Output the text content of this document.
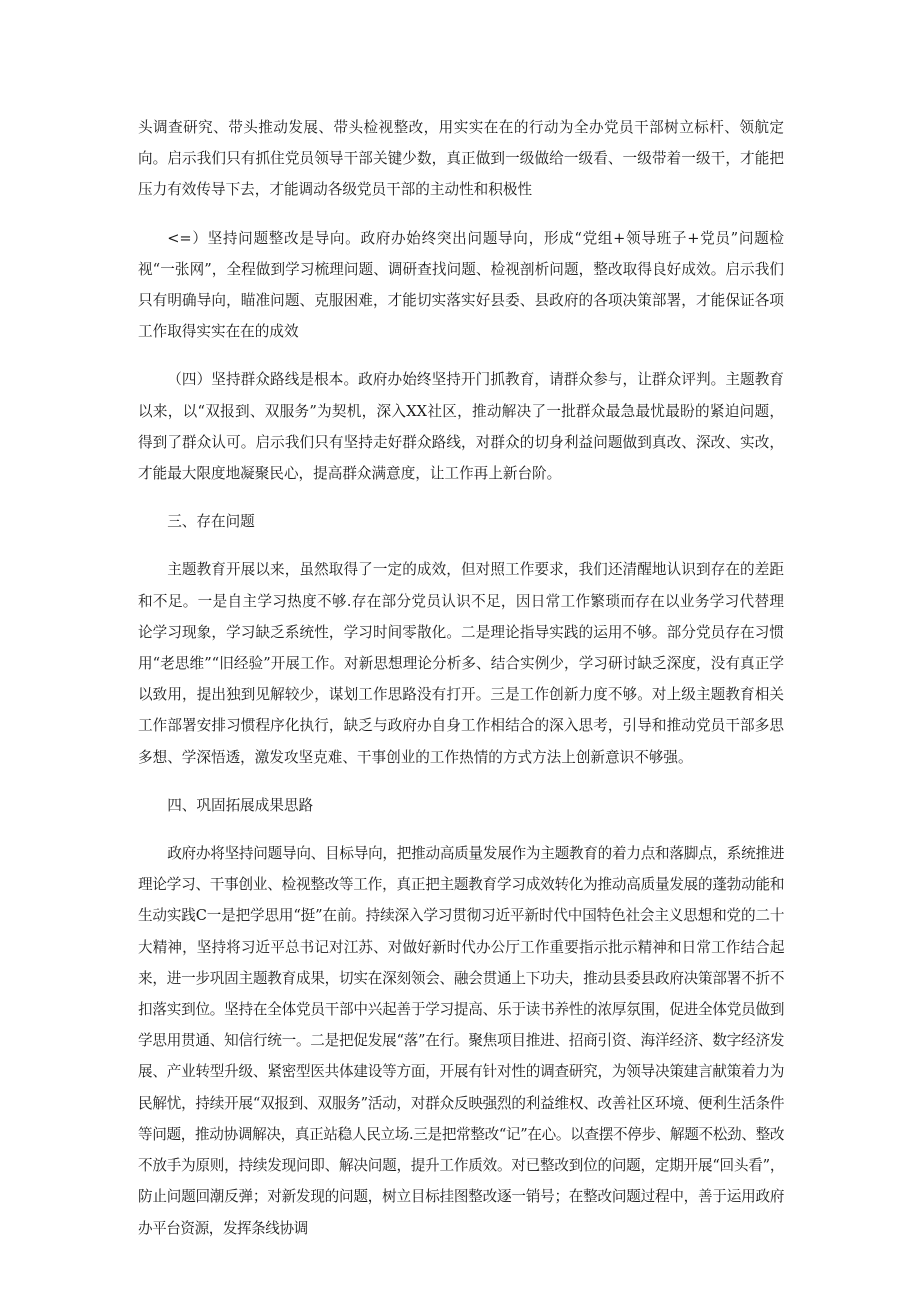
头调查研究、带头推动发展、带头检视整改，用实实在在的行动为全办党员干部树立标杆、领航定向。启示我们只有抓住党员领导干部关键少数，真正做到一级做给一级看、一级带着一级干，才能把压力有效传导下去，才能调动各级党员干部的主动性和积极性

<=）坚持问题整改是导向。政府办始终突出问题导向，形成“党组+领导班子+党员”问题检视“一张网”，全程做到学习梳理问题、调研查找问题、检视剖析问题，整改取得良好成效。启示我们只有明确导向，瞄准问题、克服困难，才能切实落实好县委、县政府的各项决策部署，才能保证各项工作取得实实在在的成效

（四）坚持群众路线是根本。政府办始终坚持开门抓教育，请群众参与，让群众评判。主题教育以来，以“双报到、双服务”为契机，深入XX社区，推动解决了一批群众最急最忧最盼的紧迫问题，得到了群众认可。启示我们只有坚持走好群众路线，对群众的切身利益问题做到真改、深改、实改，才能最大限度地凝聚民心，提高群众满意度，让工作再上新台阶。

三、存在问题

主题教育开展以来，虽然取得了一定的成效，但对照工作要求，我们还清醒地认识到存在的差距和不足。一是自主学习热度不够.存在部分党员认识不足，因日常工作繁琐而存在以业务学习代替理论学习现象，学习缺乏系统性，学习时间零散化。二是理论指导实践的运用不够。部分党员存在习惯用“老思维”“旧经验”开展工作。对新思想理论分析多、结合实例少，学习研讨缺乏深度，没有真正学以致用，提出独到见解较少，谋划工作思路没有打开。三是工作创新力度不够。对上级主题教育相关工作部署安排习惯程序化执行，缺乏与政府办自身工作相结合的深入思考，引导和推动党员干部多思多想、学深悟透，激发攻坚克难、干事创业的工作热情的方式方法上创新意识不够强。

四、巩固拓展成果思路

政府办将坚持问题导向、目标导向，把推动高质量发展作为主题教育的着力点和落脚点，系统推进理论学习、干事创业、检视整改等工作，真正把主题教育学习成效转化为推动高质量发展的蓬勃动能和生动实践C一是把学思用“挺”在前。持续深入学习贯彻习近平新时代中国特色社会主义思想和党的二十大精神，坚持将习近平总书记对江苏、对做好新时代办公厅工作重要指示批示精神和日常工作结合起来，进一步巩固主题教育成果，切实在深刻领会、融会贯通上下功夫，推动县委县政府决策部署不折不扣落实到位。坚持在全体党员干部中兴起善于学习提高、乐于读书养性的浓厚氛围，促进全体党员做到学思用贯通、知信行统一。二是把促发展“落”在行。聚焦项目推进、招商引资、海洋经济、数字经济发展、产业转型升级、紧密型医共体建设等方面，开展有针对性的调查研究，为领导决策建言献策着力为民解忧，持续开展“双报到、双服务”活动，对群众反映强烈的利益维权、改善社区环境、便利生活条件等问题，推动协调解决，真正站稳人民立场.三是把常整改“记”在心。以查摆不停步、解题不松劲、整改不放手为原则，持续发现问即、解决问题，提升工作质效。对已整改到位的问题，定期开展“回头看”，防止问题回潮反弹；对新发现的问题，树立目标挂图整改逐一销号；在整改问题过程中，善于运用政府办平台资源，发挥条线协调
